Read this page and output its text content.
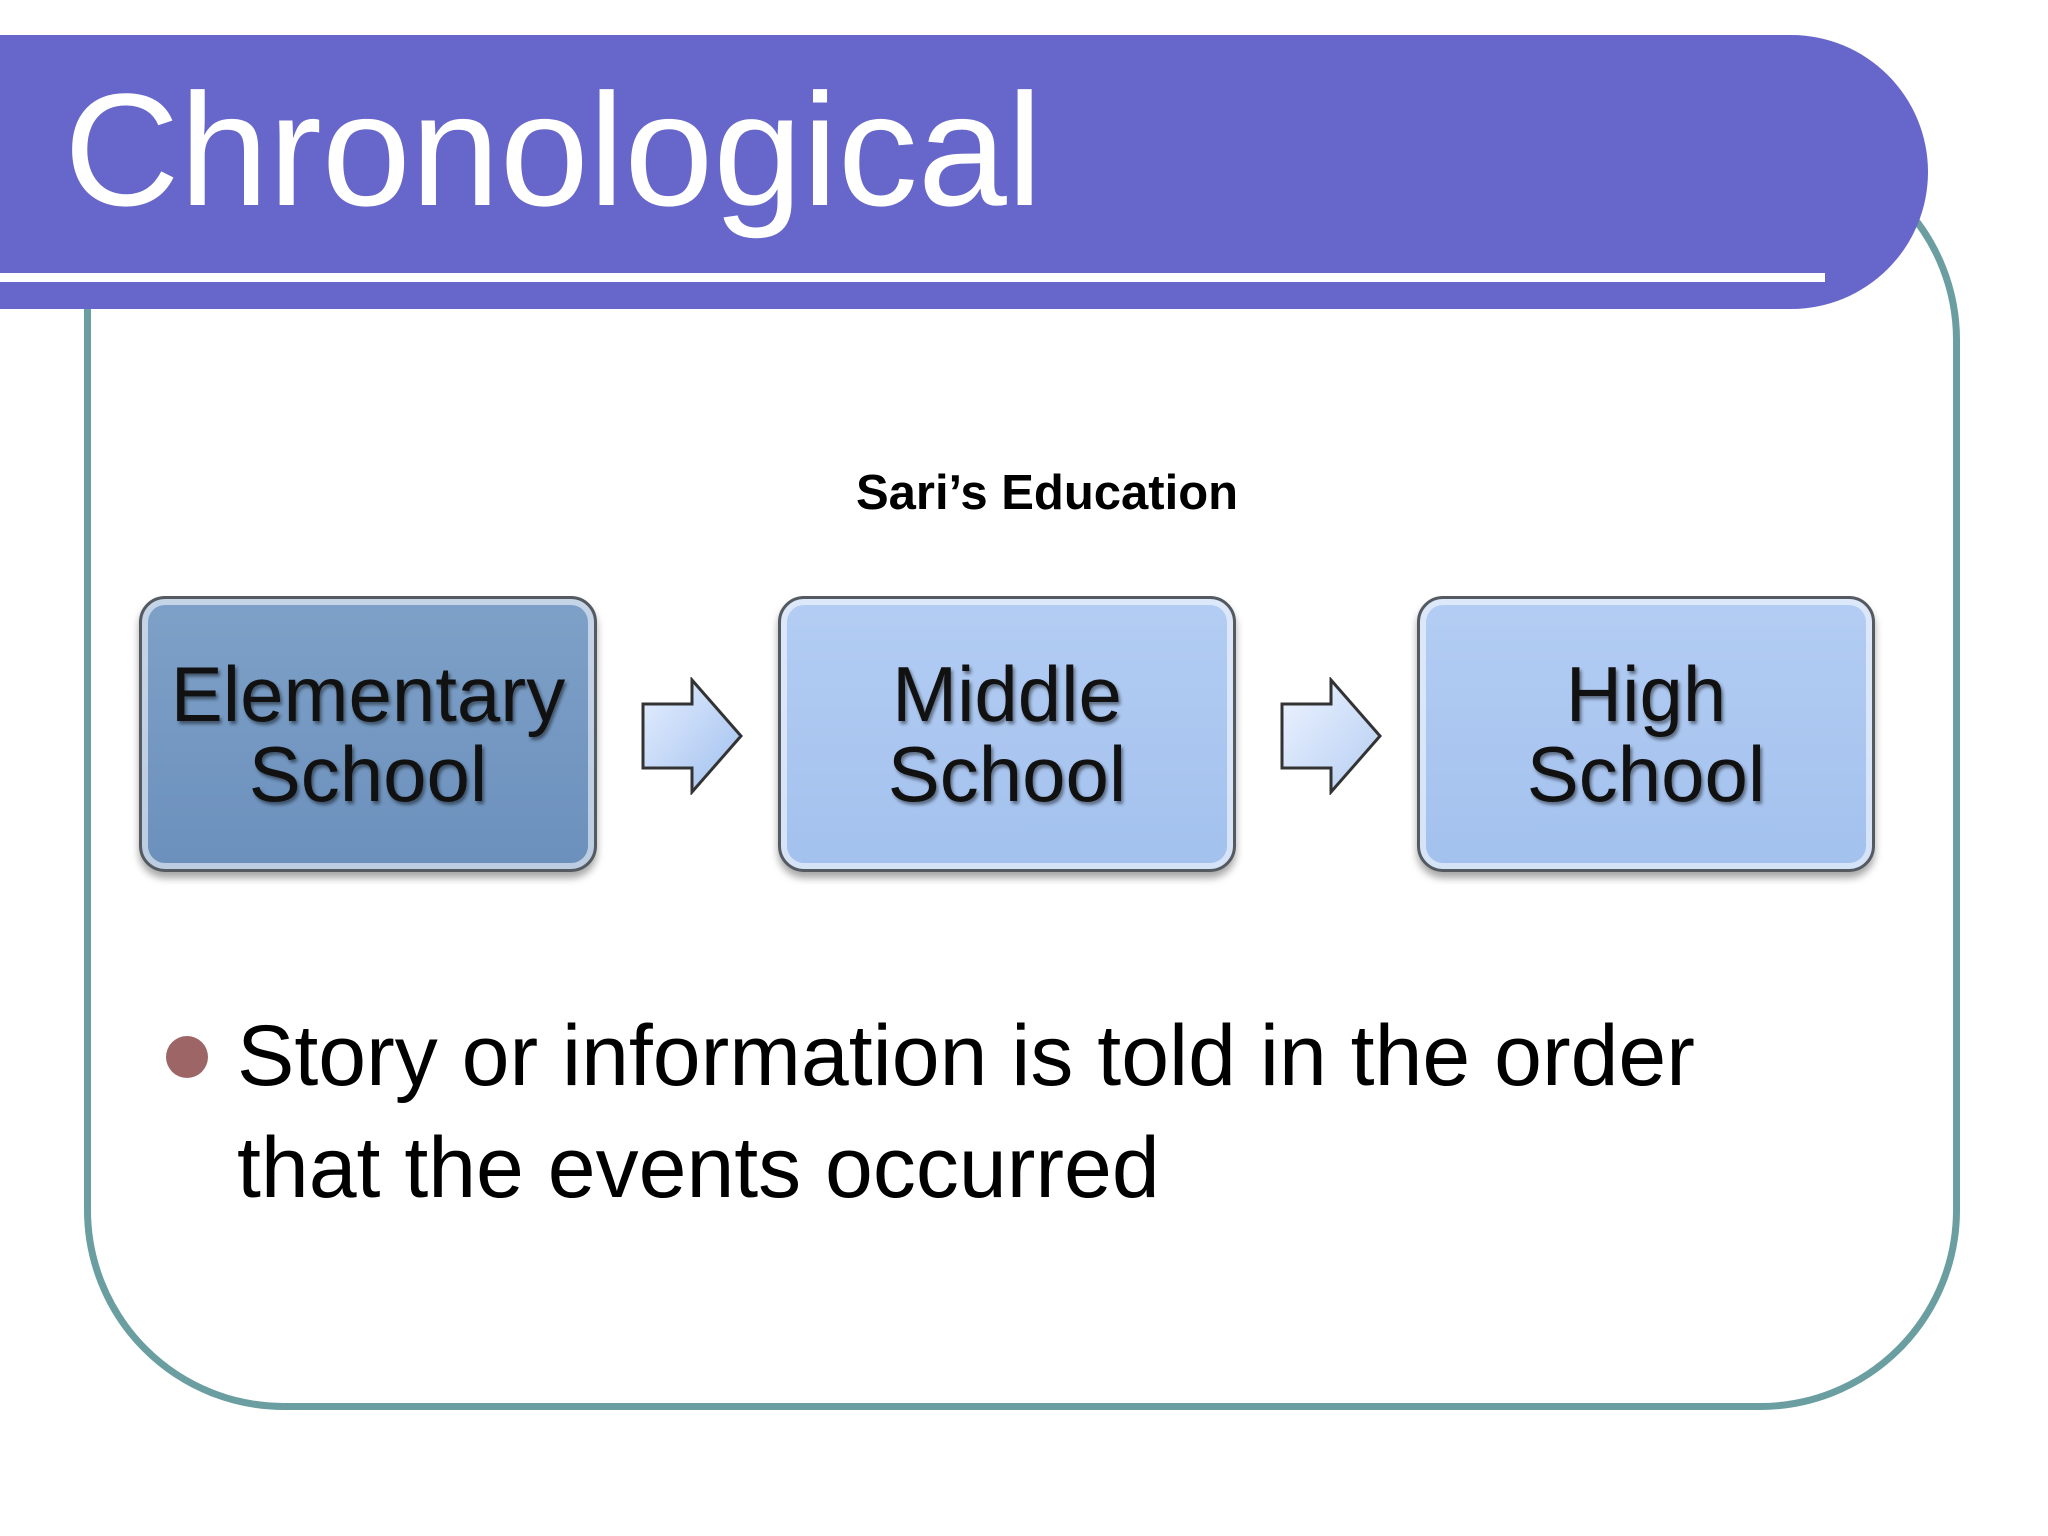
Chronological
Sari’s Education
Elementary
School
Middle
School
High
School
Story or information is told in the order that the events occurred
